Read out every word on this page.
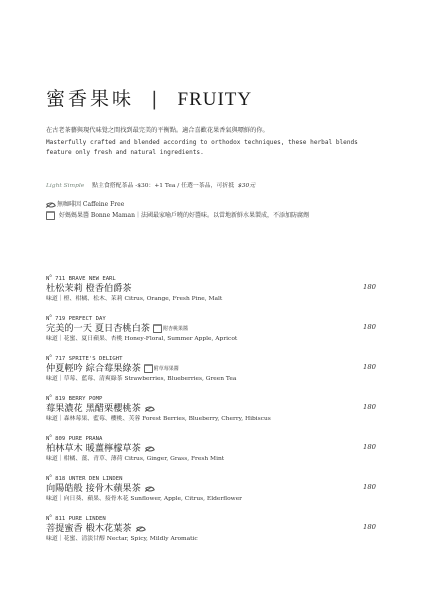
蜜香果味 | FRUITY
在古老茶藝與現代味覺之間找到最完美的平衡點。適合喜歡花果香氣與嘌鮮的你。
Masterfully crafted and blended according to orthodox techniques, these herbal blends feature only fresh and natural ingredients.
Light Simple 點主食搭配茶品 -$30：+1 Tea / 任選一茶品，可折抵 $30元
無咖啡因 Caffeine Free
好媽媽果醬 Bonne Maman｜法國最家喻戶曉的好醬味。以當地新鮮水果製成，不添加防腐劑
$N^o$ 711 BRAVE NEW EARL
杜松茉莉 橙香伯爵茶
味道｜橙、柑橘、松木、茉莉 Citrus, Orange, Fresh Pine, Malt
180
$N^o$ 719 PERFECT DAY
完美的一天 夏日杏桃白茶	附杏桃果醬
味道｜花蜜、夏日蘋果、杏桃 Honey-Floral, Summer Apple, Apricot
180
$N^o$ 717 SPRITE'S DELIGHT
仲夏輕吟 綜合莓果綠茶	附草莓果醬
味道｜草莓、藍莓、清爽綠茶 Strawberries, Blueberries, Green Tea
180
$N^o$ 819 BERRY POMP
莓果濃花 黑醋栗櫻桃茶
味道｜森林莓果、藍莓、櫻桃、芙蓉 Forest Berries, Blueberry, Cherry, Hibiscus
180
$N^o$ 809 PURE PRANA
柏林草木 暖薑檸檬草茶
味道｜柑橘、薑、青草、薄荷 Citrus, Ginger, Grass, Fresh Mint
180
$N^o$ 818 UNTER DEN LINDEN
向陽皓般 接骨木蘋果茶
味道｜向日葵、蘋果、接骨木花 Sunflower, Apple, Citrus, Elderflower
180
$N^o$ 811 PURE LINDEN
菩提蜜香 椴木花葉茶
味道｜花蜜、清淡甘醇 Nectar, Spicy, Mildly Aromatic
180
